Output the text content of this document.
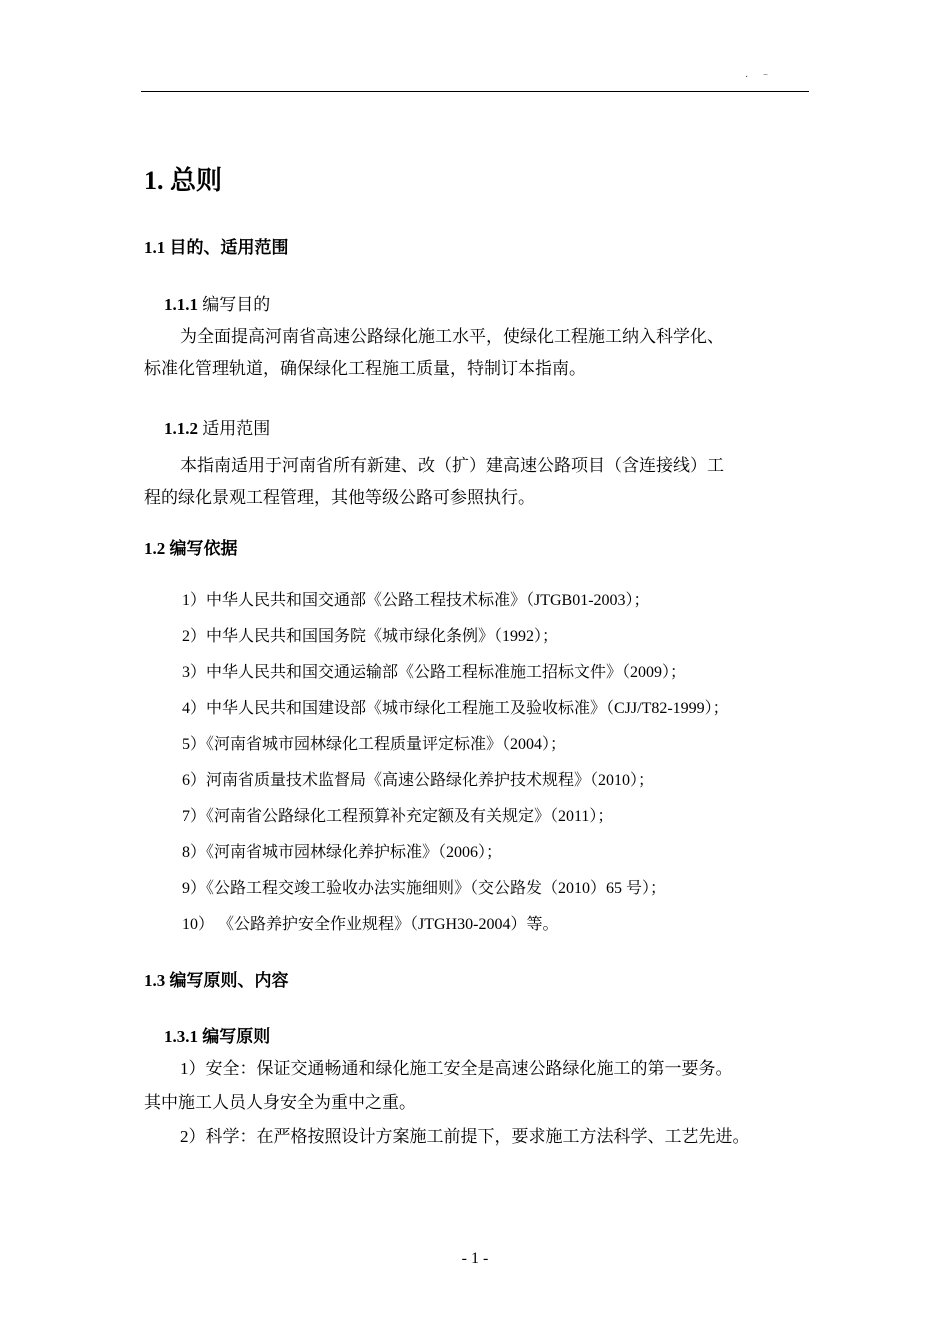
· ⁻
1. 总则
1.1 目的、适用范围
1.1.1 编写目的
为全面提高河南省高速公路绿化施工水平，使绿化工程施工纳入科学化、
标准化管理轨道，确保绿化工程施工质量，特制订本指南。
1.1.2 适用范围
本指南适用于河南省所有新建、改（扩）建高速公路项目（含连接线）工
程的绿化景观工程管理，其他等级公路可参照执行。
1.2 编写依据
1）中华人民共和国交通部《公路工程技术标准》（JTGB01-2003）；
2）中华人民共和国国务院《城市绿化条例》（1992）；
3）中华人民共和国交通运输部《公路工程标准施工招标文件》（2009）；
4）中华人民共和国建设部《城市绿化工程施工及验收标准》（CJJ/T82-1999）；
5）《河南省城市园林绿化工程质量评定标准》（2004）；
6）河南省质量技术监督局《高速公路绿化养护技术规程》（2010）；
7）《河南省公路绿化工程预算补充定额及有关规定》（2011）；
8）《河南省城市园林绿化养护标准》（2006）；
9）《公路工程交竣工验收办法实施细则》（交公路发（2010）65 号）；
10） 《公路养护安全作业规程》（JTGH30-2004）等。
1.3 编写原则、内容
1.3.1 编写原则
1）安全：保证交通畅通和绿化施工安全是高速公路绿化施工的第一要务。
其中施工人员人身安全为重中之重。
2）科学：在严格按照设计方案施工前提下，要求施工方法科学、工艺先进。
- 1 -
